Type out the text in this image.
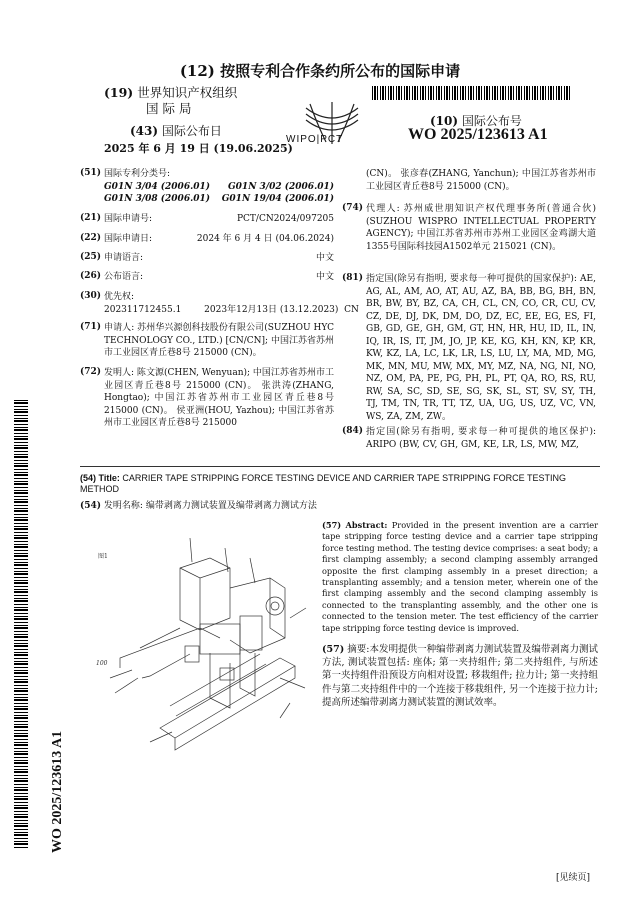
(12) 按照专利合作条约所公布的国际申请
(19) 世界知识产权组织
国际局
(43) 国际公布日
2025 年 6 月 19 日 (19.06.2025)
WIPO|PCT
(10) 国际公布号
WO 2025/123613 A1
(51) 国际专利分类号:
G01N 3/04 (2006.01) G01N 3/02 (2006.01)
G01N 3/08 (2006.01) G01N 19/04 (2006.01)
(21) 国际申请号:	PCT/CN2024/097205
(22) 国际申请日:	2024 年 6 月 4 日 (04.06.2024)
(25) 申请语言:	中文
(26) 公布语言:	中文
(30) 优先权:
202311712455.1        2023年12月13日 (13.12.2023)  CN
(71) 申请人: 苏州华兴源创科技股份有限公司(SUZHOU HYC TECHNOLOGY CO., LTD.) [CN/CN]; 中国江苏省苏州市工业园区青丘巷8号 215000 (CN)。
(72) 发明人: 陈文源(CHEN, Wenyuan); 中国江苏省苏州市工业园区青丘巷8号 215000 (CN)。 张洪涛(ZHANG, Hongtao); 中国江苏省苏州市工业园区青丘巷8号 215000 (CN)。 侯亚洲(HOU, Yazhou); 中国江苏省苏州市工业园区青丘巷8号 215000
(CN)。 张彦春(ZHANG, Yanchun); 中国江苏省苏州市工业园区青丘巷8号 215000 (CN)。
(74) 代理人: 苏州威世朋知识产权代理事务所(普通合伙) (SUZHOU WISPRO INTELLECTUAL PROPERTY AGENCY); 中国江苏省苏州市苏州工业园区金鸡湖大道1355号国际科技园A1502单元 215021 (CN)。
(81) 指定国(除另有指明, 要求每一种可提供的国家保护): AE, AG, AL, AM, AO, AT, AU, AZ, BA, BB, BG, BH, BN, BR, BW, BY, BZ, CA, CH, CL, CN, CO, CR, CU, CV, CZ, DE, DJ, DK, DM, DO, DZ, EC, EE, EG, ES, FI, GB, GD, GE, GH, GM, GT, HN, HR, HU, ID, IL, IN, IQ, IR, IS, IT, JM, JO, JP, KE, KG, KH, KN, KP, KR, KW, KZ, LA, LC, LK, LR, LS, LU, LY, MA, MD, MG, MK, MN, MU, MW, MX, MY, MZ, NA, NG, NI, NO, NZ, OM, PA, PE, PG, PH, PL, PT, QA, RO, RS, RU, RW, SA, SC, SD, SE, SG, SK, SL, ST, SV, SY, TH, TJ, TM, TN, TR, TT, TZ, UA, UG, US, UZ, VC, VN, WS, ZA, ZM, ZW。
(84) 指定国(除另有指明, 要求每一种可提供的地区保护): ARIPO (BW, CV, GH, GM, KE, LR, LS, MW, MZ,
(54) Title: CARRIER TAPE STRIPPING FORCE TESTING DEVICE AND CARRIER TAPE STRIPPING FORCE TESTING METHOD
(54) 发明名称: 编带剥离力测试装置及编带剥离力测试方法
图1
100
(57) Abstract: Provided in the present invention are a carrier tape stripping force testing device and a carrier tape stripping force testing method. The testing device comprises: a seat body; a first clamping assembly; a second clamping assembly arranged opposite the first clamping assembly in a preset direction; a transplanting assembly; and a tension meter, wherein one of the first clamping assembly and the second clamping assembly is connected to the transplanting assembly, and the other one is connected to the tension meter. The test efficiency of the carrier tape stripping force testing device is improved.
(57) 摘要:本发明提供一种编带剥离力测试装置及编带剥离力测试方法, 测试装置包括: 座体; 第一夹持组件; 第二夹持组件, 与所述第一夹持组件沿预设方向相对设置; 移栽组件; 拉力计; 第一夹持组件与第二夹持组件中的一个连接于移栽组件, 另一个连接于拉力计; 提高所述编带剥离力测试装置的测试效率。
WO 2025/123613 A1
[见续页]
